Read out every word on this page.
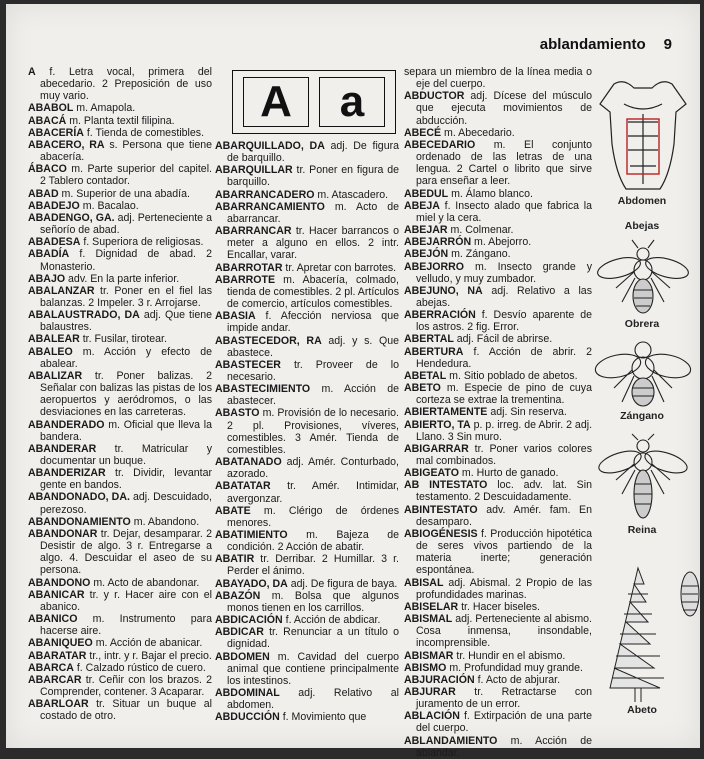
ablandamiento 9
A	a

A f. Letra vocal, primera del abecedario. 2 Preposición de uso muy vario.

ABABOL m. Amapola.

ABACÁ m. Planta textil filipina.

ABACERÍA f. Tienda de comestibles.

ABACERO, RA s. Persona que tiene abacería.

ÁBACO m. Parte superior del capitel. 2 Tablero contador.

ABAD m. Superior de una abadía.

ABADEJO m. Bacalao.

ABADENGO, GA. adj. Perteneciente a señorío de abad.

ABADESA f. Superiora de religiosas.

ABADÍA f. Dignidad de abad. 2 Monasterio.

ABAJO adv. En la parte inferior.

ABALANZAR tr. Poner en el fiel las balanzas. 2 Impeler. 3 r. Arrojarse.

ABALAUSTRADO, DA adj. Que tiene balaustres.

ABALEAR tr. Fusilar, tirotear.

ABALEO m. Acción y efecto de abalear.

ABALIZAR tr. Poner balizas. 2 Señalar con balizas las pistas de los aeropuertos y aeródromos, o las desviaciones en las carreteras.

ABANDERADO m. Oficial que lleva la bandera.

ABANDERAR tr. Matricular y documentar un buque.

ABANDERIZAR tr. Dividir, levantar gente en bandos.

ABANDONADO, DA. adj. Descuidado, perezoso.

ABANDONAMIENTO m. Abandono.

ABANDONAR tr. Dejar, desamparar. 2 Desistir de algo. 3 r. Entregarse a algo. 4. Descuidar el aseo de su persona.

ABANDONO m. Acto de abandonar.

ABANICAR tr. y r. Hacer aire con el abanico.

ABANICO m. Instrumento para hacerse aire.

ABANIQUEO m. Acción de abanicar.

ABARATAR tr., intr. y r. Bajar el precio.

ABARCA f. Calzado rústico de cuero.

ABARCAR tr. Ceñir con los brazos. 2 Comprender, contener. 3 Acaparar.

ABARLOAR tr. Situar un buque al costado de otro.

ABARQUILLADO, DA adj. De figura de barquillo.

ABARQUILLAR tr. Poner en figura de barquillo.

ABARRANCADERO m. Atascadero.

ABARRANCAMIENTO m. Acto de abarrancar.

ABARRANCAR tr. Hacer barrancos o meter a alguno en ellos. 2 intr. Encallar, varar.

ABARROTAR tr. Apretar con barrotes.

ABARROTE m. Abacería, colmado, tienda de comestibles. 2 pl. Artículos de comercio, artículos comestibles.

ABASIA f. Afección nerviosa que impide andar.

ABASTECEDOR, RA adj. y s. Que abastece.

ABASTECER tr. Proveer de lo necesario.

ABASTECIMIENTO m. Acción de abastecer.

ABASTO m. Provisión de lo necesario. 2 pl. Provisiones, víveres, comestibles. 3 Amér. Tienda de comestibles.

ABATANADO adj. Amér. Conturbado, azorado.

ABATATAR tr. Amér. Intimidar, avergonzar.

ABATE m. Clérigo de órdenes menores.

ABATIMIENTO m. Bajeza de condición. 2 Acción de abatir.

ABATIR tr. Derribar. 2 Humillar. 3 r. Perder el ánimo.

ABAYADO, DA adj. De figura de baya.

ABAZÓN m. Bolsa que algunos monos tienen en los carrillos.

ABDICACIÓN f. Acción de abdicar.

ABDICAR tr. Renunciar a un título o dignidad.

ABDOMEN m. Cavidad del cuerpo animal que contiene principalmente los intestinos.

ABDOMINAL adj. Relativo al abdomen.

ABDUCCIÓN f. Movimiento que

separa un miembro de la línea media o eje del cuerpo.

ABDUCTOR adj. Dícese del músculo que ejecuta movimientos de abducción.

ABECÉ m. Abecedario.

ABECEDARIO m. El conjunto ordenado de las letras de una lengua. 2 Cartel o librito que sirve para enseñar a leer.

ABEDUL m. Álamo blanco.

ABEJA f. Insecto alado que fabrica la miel y la cera.

ABEJAR m. Colmenar.

ABEJARRÓN m. Abejorro.

ABEJÓN m. Zángano.

ABEJORRO m. Insecto grande y velludo, y muy zumbador.

ABEJUNO, NA adj. Relativo a las abejas.

ABERRACIÓN f. Desvío aparente de los astros. 2 fig. Error.

ABERTAL adj. Fácil de abrirse.

ABERTURA f. Acción de abrir. 2 Hendedura.

ABETAL m. Sitio poblado de abetos.

ABETO m. Especie de pino de cuya corteza se extrae la trementina.

ABIERTAMENTE adj. Sin reserva.

ABIERTO, TA p. p. irreg. de Abrir. 2 adj. Llano. 3 Sin muro.

ABIGARRAR tr. Poner varios colores mal combinados.

ABIGEATO m. Hurto de ganado.

AB INTESTATO loc. adv. lat. Sin testamento. 2 Descuidadamente.

ABINTESTATO adv. Amér. fam. En desamparo.

ABIOGÉNESIS f. Producción hipotética de seres vivos partiendo de la materia inerte; generación espontánea.

ABISAL adj. Abismal. 2 Propio de las profundidades marinas.

ABISELAR tr. Hacer biseles.

ABISMAL adj. Perteneciente al abismo. Cosa inmensa, insondable, incomprensible.

ABISMAR tr. Hundir en el abismo.

ABISMO m. Profundidad muy grande.

ABJURACIÓN f. Acto de abjurar.

ABJURAR tr. Retractarse con juramento de un error.

ABLACIÓN f. Extirpación de una parte del cuerpo.

ABLANDAMIENTO m. Acción de ablandar.

Abdomen
Abejas
Obrera
Zángano
Reina
Abeto
